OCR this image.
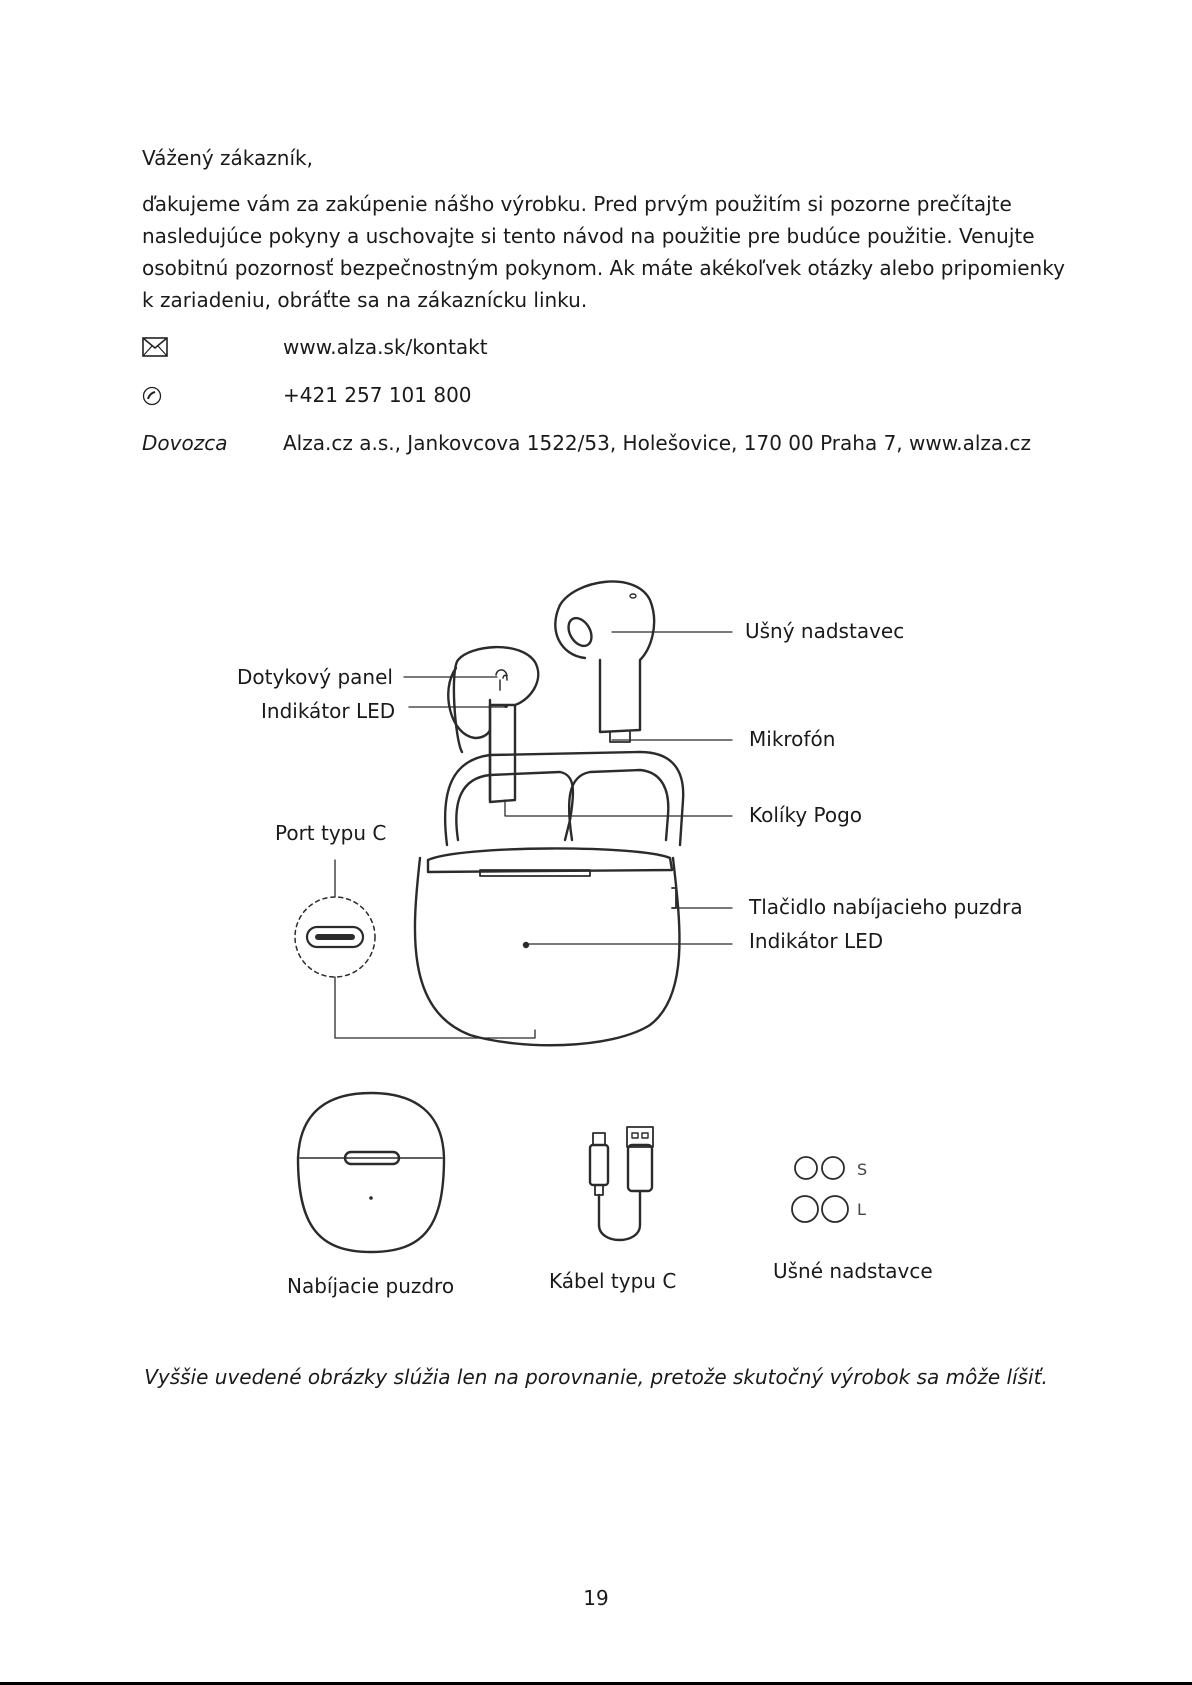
Vážený zákazník,

ďakujeme vám za zakúpenie nášho výrobku. Pred prvým použitím si pozorne prečítajte

nasledujúce pokyny a uschovajte si tento návod na použitie pre budúce použitie. Venujte

osobitnú pozornosť bezpečnostným pokynom. Ak máte akékoľvek otázky alebo pripomienky

k zariadeniu, obráťte sa na zákaznícku linku.

www.alza.sk/kontakt
+421 257 101 800
Dovozca	Alza.cz a.s., Jankovcova 1522/53, Holešovice, 170 00 Praha 7, www.alza.cz
Dotykový panel
Indikátor LED
Port typu C
Ušný nadstavec
Mikrofón
Kolíky Pogo
Tlačidlo nabíjacieho puzdra
Indikátor LED
Nabíjacie puzdro	Kábel typu C	Ušné nadstavce
S
L
Vyššie uvedené obrázky slúžia len na porovnanie, pretože skutočný výrobok sa môže líšiť.
19
